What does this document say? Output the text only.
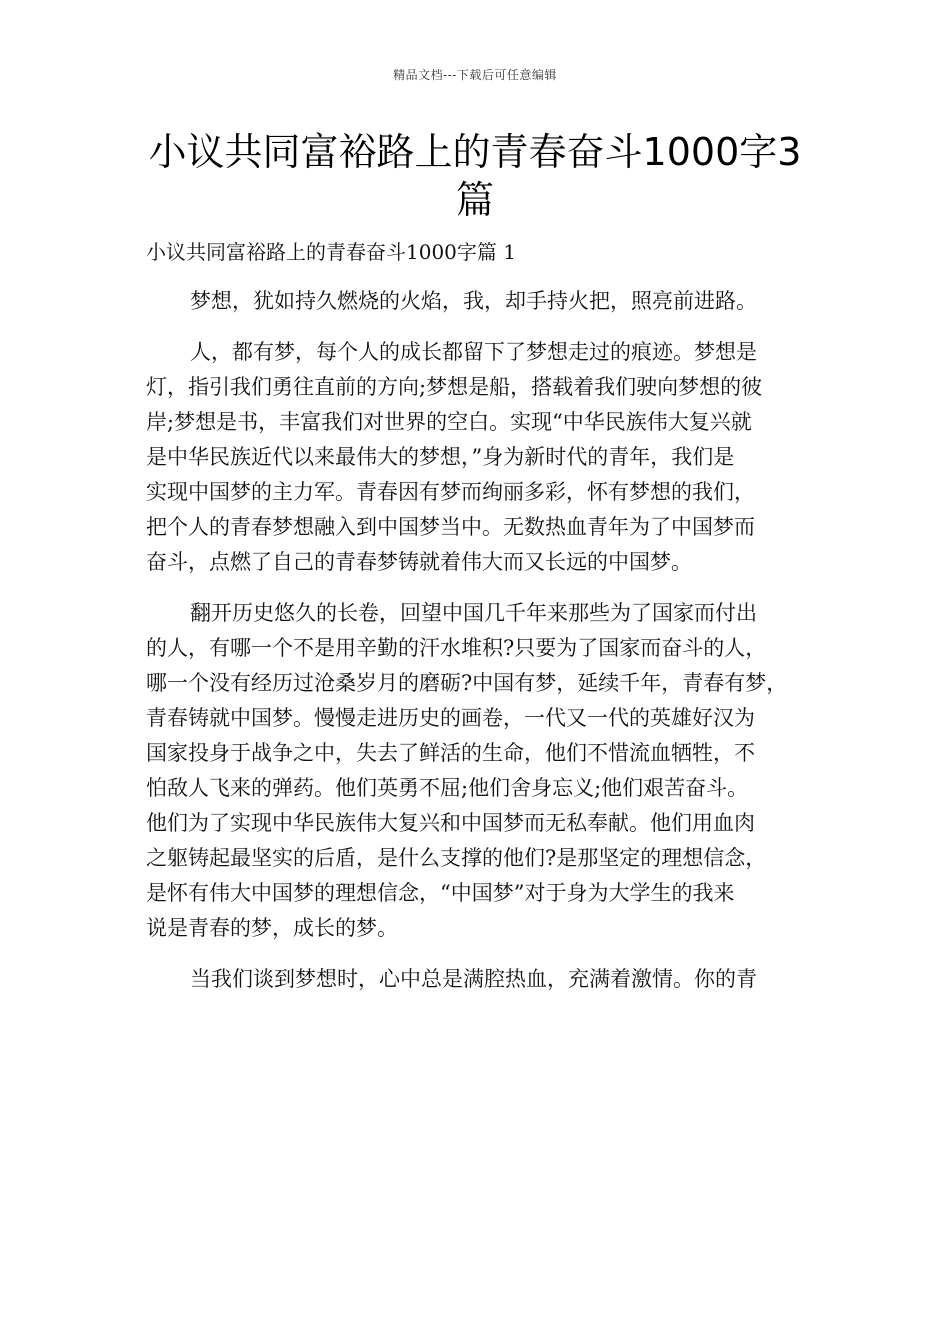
精品文档---下载后可任意编辑
小议共同富裕路上的青春奋斗1000字3
篇
小议共同富裕路上的青春奋斗1000字篇 1
梦想，犹如持久燃烧的火焰，我，却手持火把，照亮前进路。
人，都有梦，每个人的成长都留下了梦想走过的痕迹。梦想是
灯，指引我们勇往直前的方向;梦想是船，搭载着我们驶向梦想的彼
岸;梦想是书，丰富我们对世界的空白。实现“中华民族伟大复兴就
是中华民族近代以来最伟大的梦想，”身为新时代的青年，我们是
实现中国梦的主力军。青春因有梦而绚丽多彩，怀有梦想的我们，
把个人的青春梦想融入到中国梦当中。无数热血青年为了中国梦而
奋斗，点燃了自己的青春梦铸就着伟大而又长远的中国梦。
翻开历史悠久的长卷，回望中国几千年来那些为了国家而付出
的人，有哪一个不是用辛勤的汗水堆积?只要为了国家而奋斗的人，
哪一个没有经历过沧桑岁月的磨砺?中国有梦，延续千年，青春有梦，
青春铸就中国梦。慢慢走进历史的画卷，一代又一代的英雄好汉为
国家投身于战争之中，失去了鲜活的生命，他们不惜流血牺牲，不
怕敌人飞来的弹药。他们英勇不屈;他们舍身忘义;他们艰苦奋斗。
他们为了实现中华民族伟大复兴和中国梦而无私奉献。他们用血肉
之躯铸起最坚实的后盾，是什么支撑的他们?是那坚定的理想信念，
是怀有伟大中国梦的理想信念，“中国梦”对于身为大学生的我来
说是青春的梦，成长的梦。
当我们谈到梦想时，心中总是满腔热血，充满着激情。你的青
